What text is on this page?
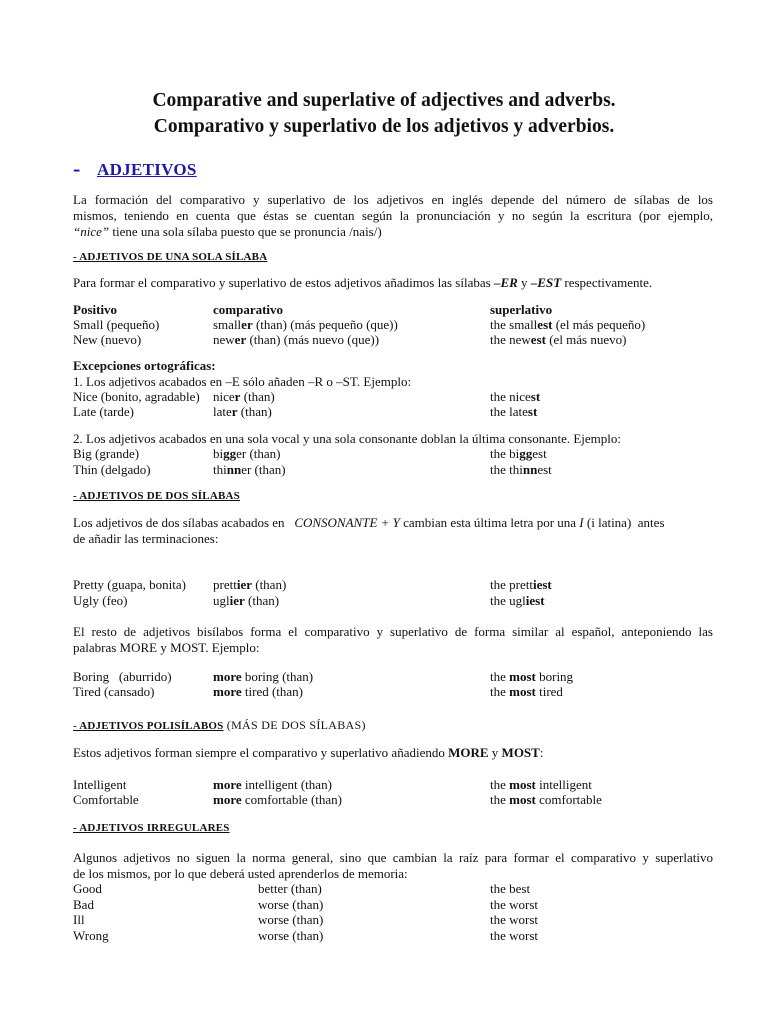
Comparative and superlative of adjectives and adverbs.
Comparativo y superlativo de los adjetivos y adverbios.
- ADJETIVOS
La formación del comparativo y superlativo de los adjetivos en inglés depende del número de sílabas de los
mismos, teniendo en cuenta que éstas se cuentan según la pronunciación y no según la escritura (por ejemplo,
“nice” tiene una sola sílaba puesto que se pronuncia /nais/)
- ADJETIVOS DE UNA SOLA SÍLABA
Para formar el comparativo y superlativo de estos adjetivos añadimos las sílabas –ER y –EST respectivamente.
Positivo	comparativo	superlativo
Small (pequeño)	smaller (than) (más pequeño (que))	the smallest (el más pequeño)
New (nuevo)	newer (than) (más nuevo (que))	the newest (el más nuevo)
Excepciones ortográficas:
1. Los adjetivos acabados en –E sólo añaden –R o –ST. Ejemplo:
Nice (bonito, agradable) nicer (than)	the nicest
Late (tarde)	later (than)	the latest
2. Los adjetivos acabados en una sola vocal y una sola consonante doblan la última consonante. Ejemplo:
Big (grande)	bigger (than)	the biggest
Thin (delgado)	thinner (than)	the thinnest
- ADJETIVOS DE DOS SÍLABAS
Los adjetivos de dos sílabas acabados en   CONSONANTE + Y cambian esta última letra por una I (i latina)  antes
de añadir las terminaciones:
Pretty (guapa, bonita) prettier (than)	the prettiest
Ugly (feo)	uglier (than)	the ugliest
El resto de adjetivos bisílabos forma el comparativo y superlativo de forma similar al español, anteponiendo las
palabras MORE y MOST. Ejemplo:
Boring   (aburrido)	more boring (than)	the most boring
Tired (cansado)	more tired (than)	the most tired
- ADJETIVOS POLISÍLABOS (MÁS DE DOS SÍLABAS)
Estos adjetivos forman siempre el comparativo y superlativo añadiendo MORE y MOST:
Intelligent	more intelligent (than)	the most intelligent
Comfortable	more comfortable (than)	the most comfortable
- ADJETIVOS IRREGULARES
Algunos adjetivos no siguen la norma general, sino que cambian la raíz para formar el comparativo y superlativo
de los mismos, por lo que deberá usted aprenderlos de memoria:
Good	better (than)	the best
Bad	worse (than)	the worst
Ill	worse (than)	the worst
Wrong	worse (than)	the worst
